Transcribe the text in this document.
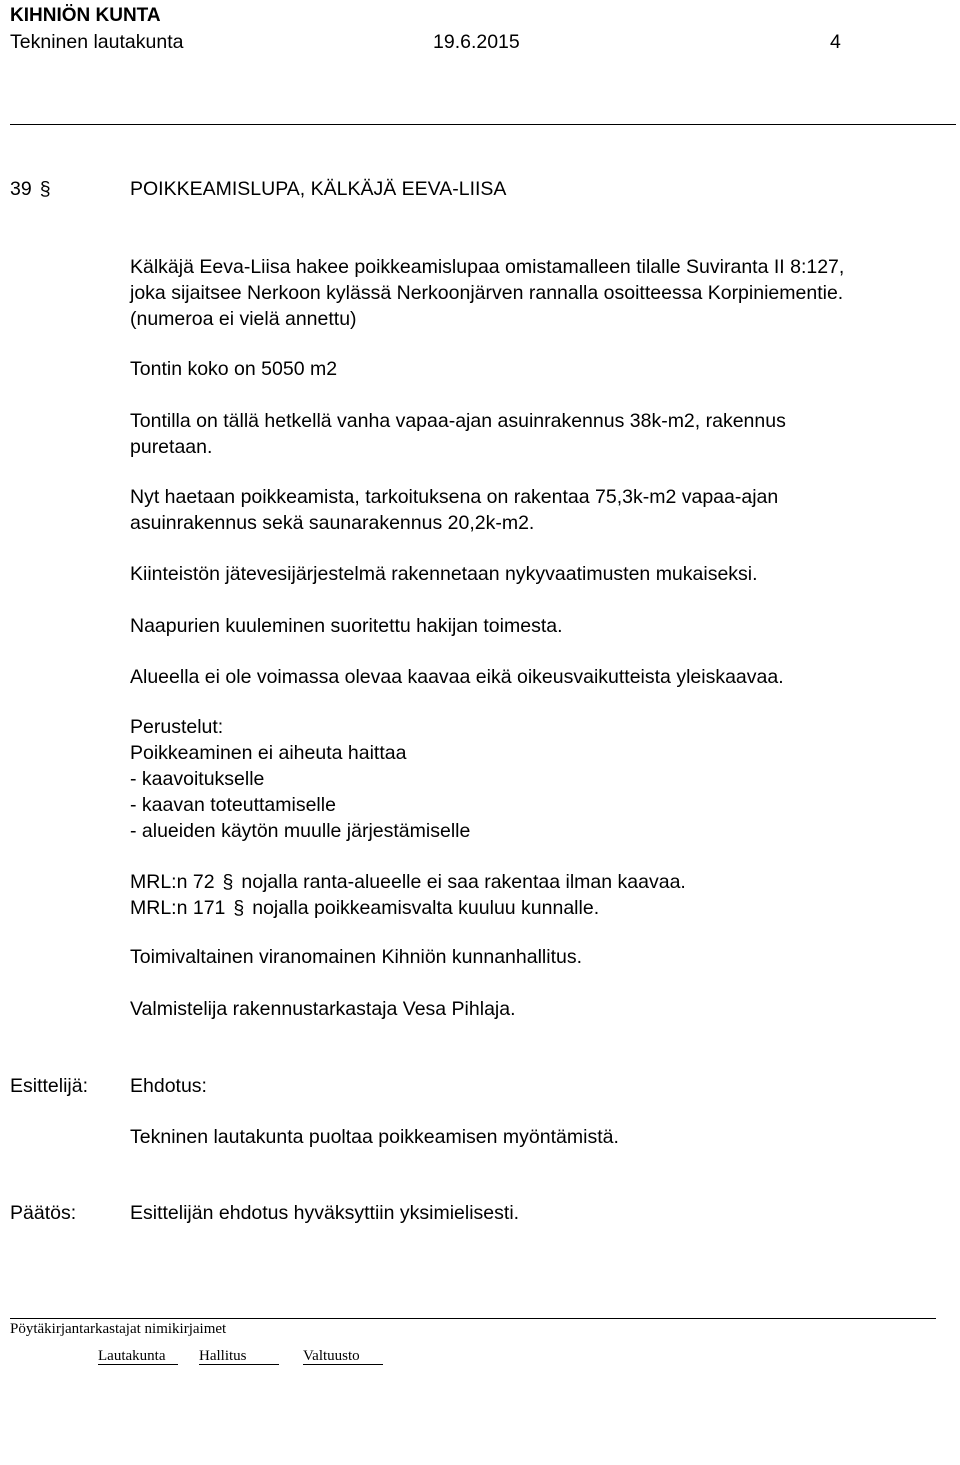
KIHNIÖN KUNTA
Tekninen lautakunta	19.6.2015	4
39 §	POIKKEAMISLUPA, KÄLKÄJÄ EEVA-LIISA
Kälkäjä Eeva-Liisa hakee poikkeamislupaa omistamalleen tilalle Suviranta II 8:127,
joka sijaitsee Nerkoon kylässä Nerkoonjärven rannalla osoitteessa Korpiniementie.
(numeroa ei vielä annettu)
Tontin koko on 5050 m2
Tontilla on tällä hetkellä vanha vapaa-ajan asuinrakennus 38k-m2, rakennus
puretaan.
Nyt haetaan poikkeamista, tarkoituksena on rakentaa 75,3k-m2 vapaa-ajan
asuinrakennus sekä saunarakennus 20,2k-m2.
Kiinteistön jätevesijärjestelmä rakennetaan nykyvaatimusten mukaiseksi.
Naapurien kuuleminen suoritettu hakijan toimesta.
Alueella ei ole voimassa olevaa kaavaa eikä oikeusvaikutteista yleiskaavaa.
Perustelut:
Poikkeaminen ei aiheuta haittaa
- kaavoitukselle
- kaavan toteuttamiselle
- alueiden käytön muulle järjestämiselle
MRL:n 72 § nojalla ranta-alueelle ei saa rakentaa ilman kaavaa.
MRL:n 171 § nojalla poikkeamisvalta kuuluu kunnalle.
Toimivaltainen viranomainen Kihniön kunnanhallitus.
Valmistelija rakennustarkastaja Vesa Pihlaja.
Esittelijä: Ehdotus:
Tekninen lautakunta puoltaa poikkeamisen myöntämistä.
Päätös:	Esittelijän ehdotus hyväksyttiin yksimielisesti.
Pöytäkirjantarkastajat nimikirjaimet
Lautakunta Hallitus	Valtuusto
